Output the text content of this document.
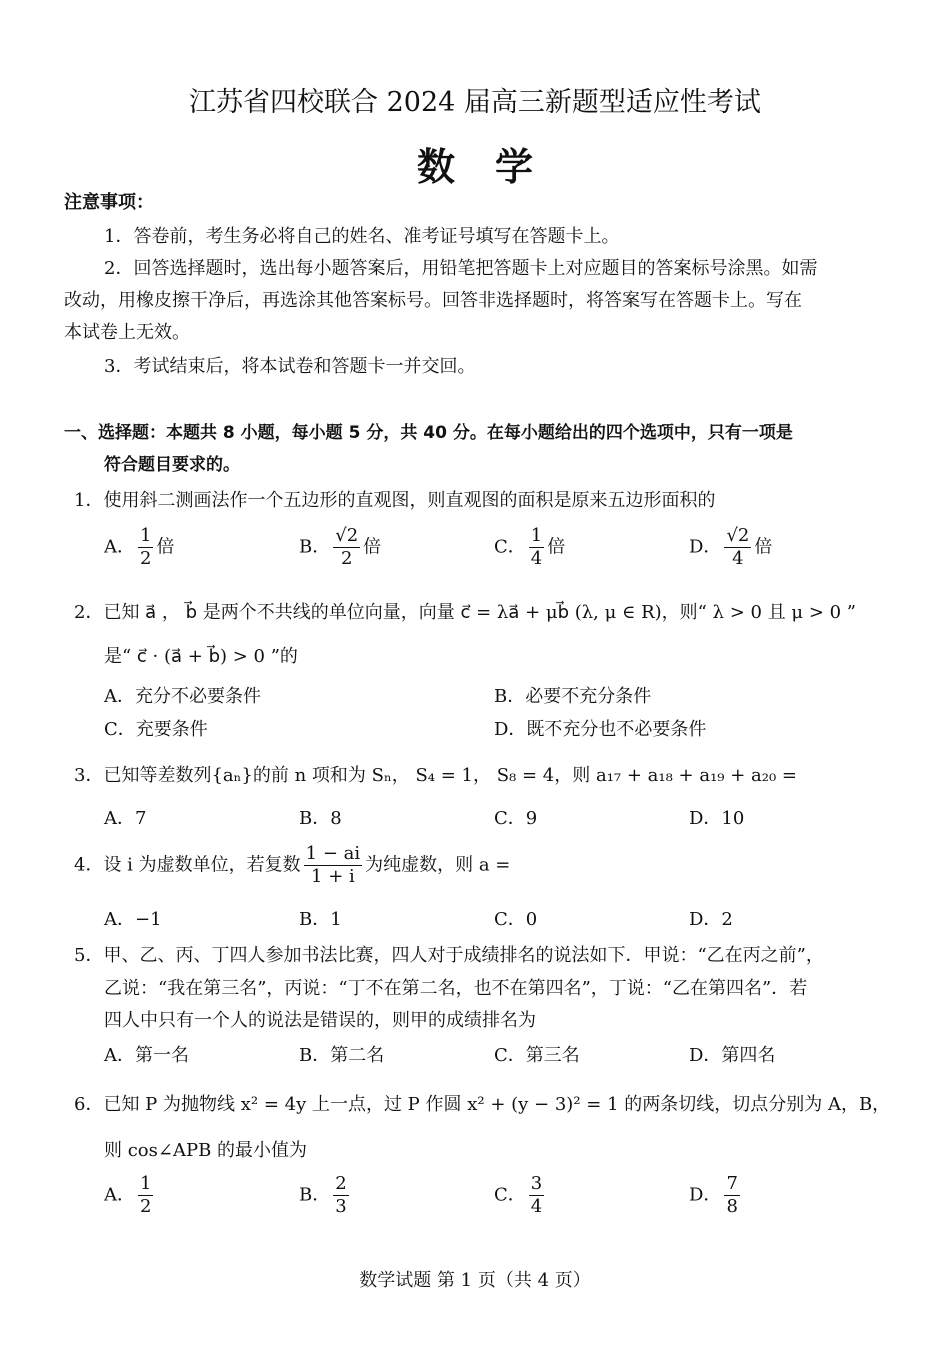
江苏省四校联合 2024 届高三新题型适应性考试
数学
注意事项：
1．答卷前，考生务必将自己的姓名、准考证号填写在答题卡上。
2．回答选择题时，选出每小题答案后，用铅笔把答题卡上对应题目的答案标号涂黑。如需
改动，用橡皮擦干净后，再选涂其他答案标号。回答非选择题时，将答案写在答题卡上。写在
本试卷上无效。
3．考试结束后，将本试卷和答题卡一并交回。
一、选择题：本题共 8 小题，每小题 5 分，共 40 分。在每小题给出的四个选项中，只有一项是
符合题目要求的。
1．使用斜二测画法作一个五边形的直观图，则直观图的面积是原来五边形面积的
A． $\frac{1}{2}$ 倍	B． $\frac{√2}{2}$ 倍	C． $\frac{1}{4}$ 倍	D． $\frac{√2}{4}$ 倍
2．已知 a⃗ ， b⃗ 是两个不共线的单位向量，向量 c⃗ = λa⃗ + μb⃗ (λ, μ ∈ R)，则“ λ > 0 且 μ > 0 ”
是“ c⃗ · (a⃗ + b⃗) > 0 ”的
A．充分不必要条件	B．必要不充分条件
C．充要条件	D．既不充分也不必要条件
3．已知等差数列{aₙ}的前 n 项和为 Sₙ， S₄ = 1， S₈ = 4，则 a₁₇ + a₁₈ + a₁₉ + a₂₀ =
A．7	B．8	C．9	D．10
4．设 i 为虚数单位，若复数 $\frac{1 - ai}{1 + i}$ 为纯虚数，则 a =
A．−1	B．1	C．0	D．2
5．甲、乙、丙、丁四人参加书法比赛，四人对于成绩排名的说法如下．甲说：“乙在丙之前”，
乙说：“我在第三名”，丙说：“丁不在第二名，也不在第四名”，丁说：“乙在第四名”．若
四人中只有一个人的说法是错误的，则甲的成绩排名为
A．第一名	B．第二名	C．第三名	D．第四名
6．已知 P 为抛物线 x² = 4y 上一点，过 P 作圆 x² + (y − 3)² = 1 的两条切线，切点分别为 A，B，
则 cos∠APB 的最小值为
A． $\frac{1}{2}$	B． $\frac{2}{3}$	C． $\frac{3}{4}$	D． $\frac{7}{8}$
数学试题 第 1 页（共 4 页）
